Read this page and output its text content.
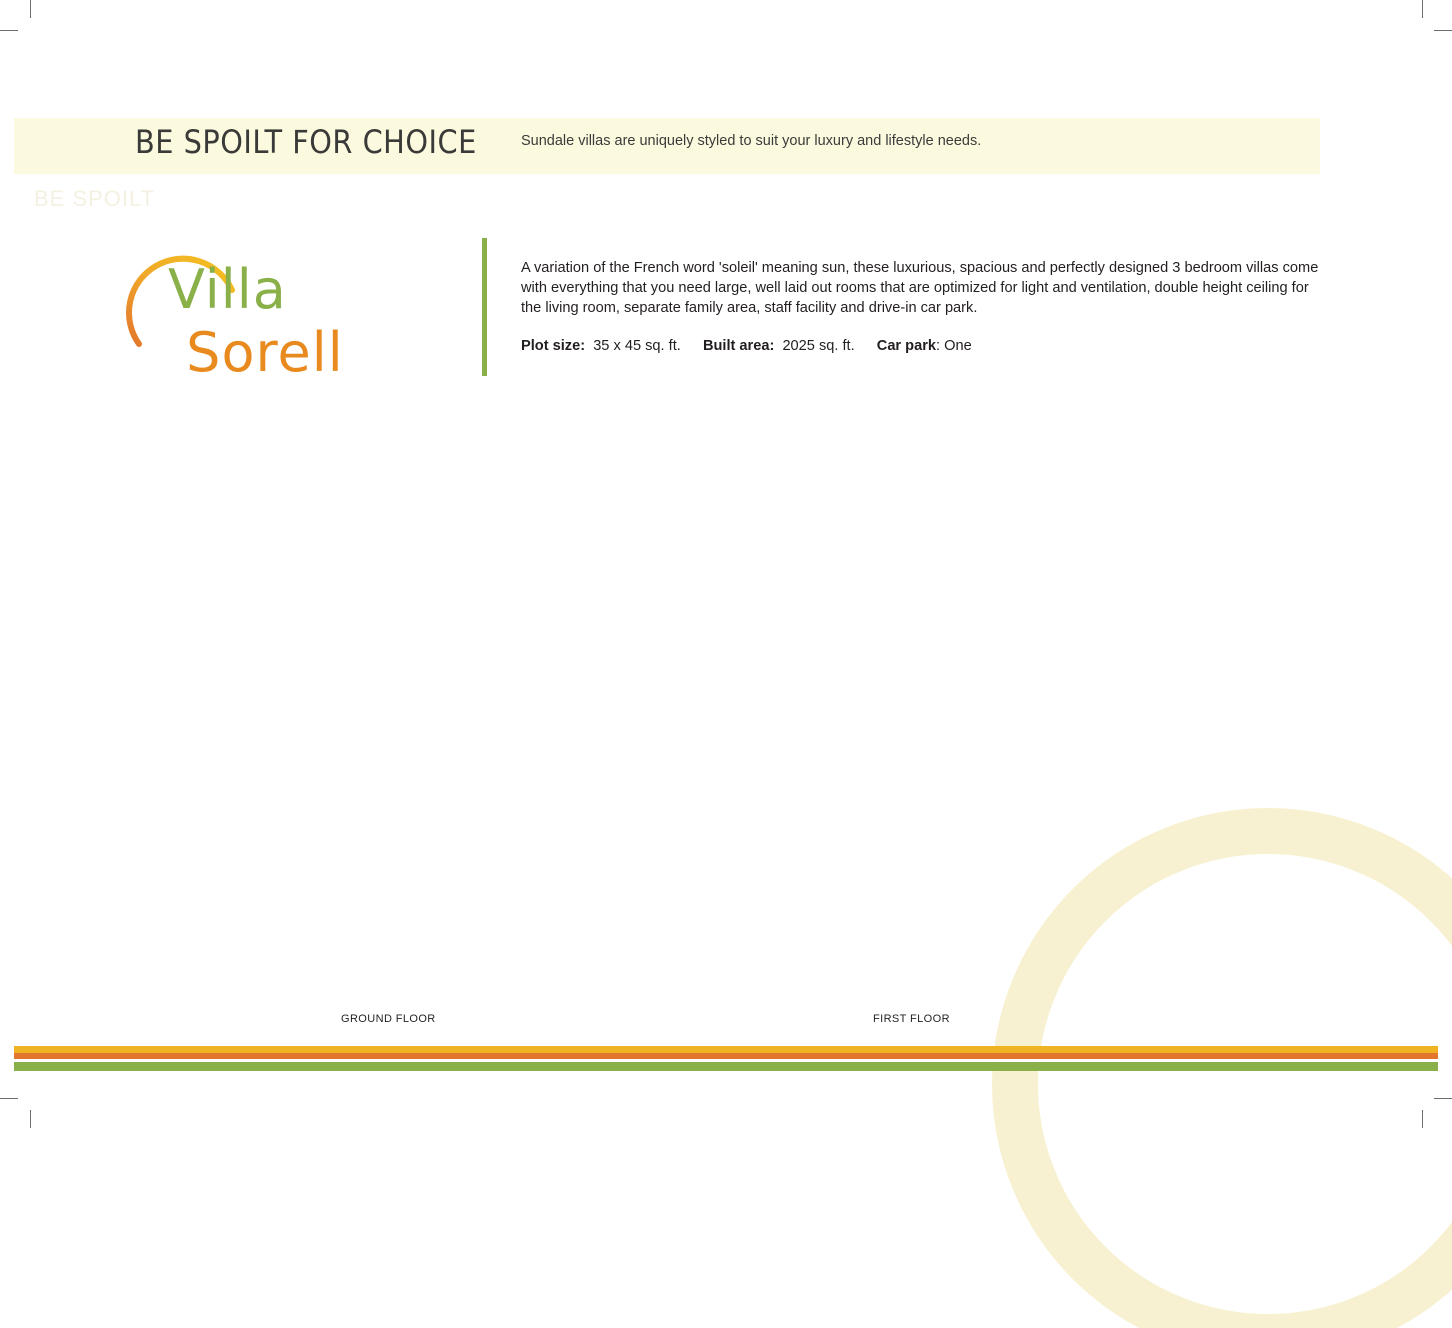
BE SPOILT FOR CHOICE	Sundale villas are uniquely styled to suit your luxury and lifestyle needs.
BE SPOILT
Villa  Sorell
A variation of the French word 'soleil' meaning sun, these luxurious, spacious and perfectly designed 3 bedroom villas come with everything that you need large, well laid out rooms that are optimized for light and ventilation, double height ceiling for the living room, separate family area, staff facility and drive-in car park.
Plot size: 35 x 45 sq. ft. Built area: 2025 sq. ft. Car park: One
GROUND FLOOR	FIRST FLOOR
